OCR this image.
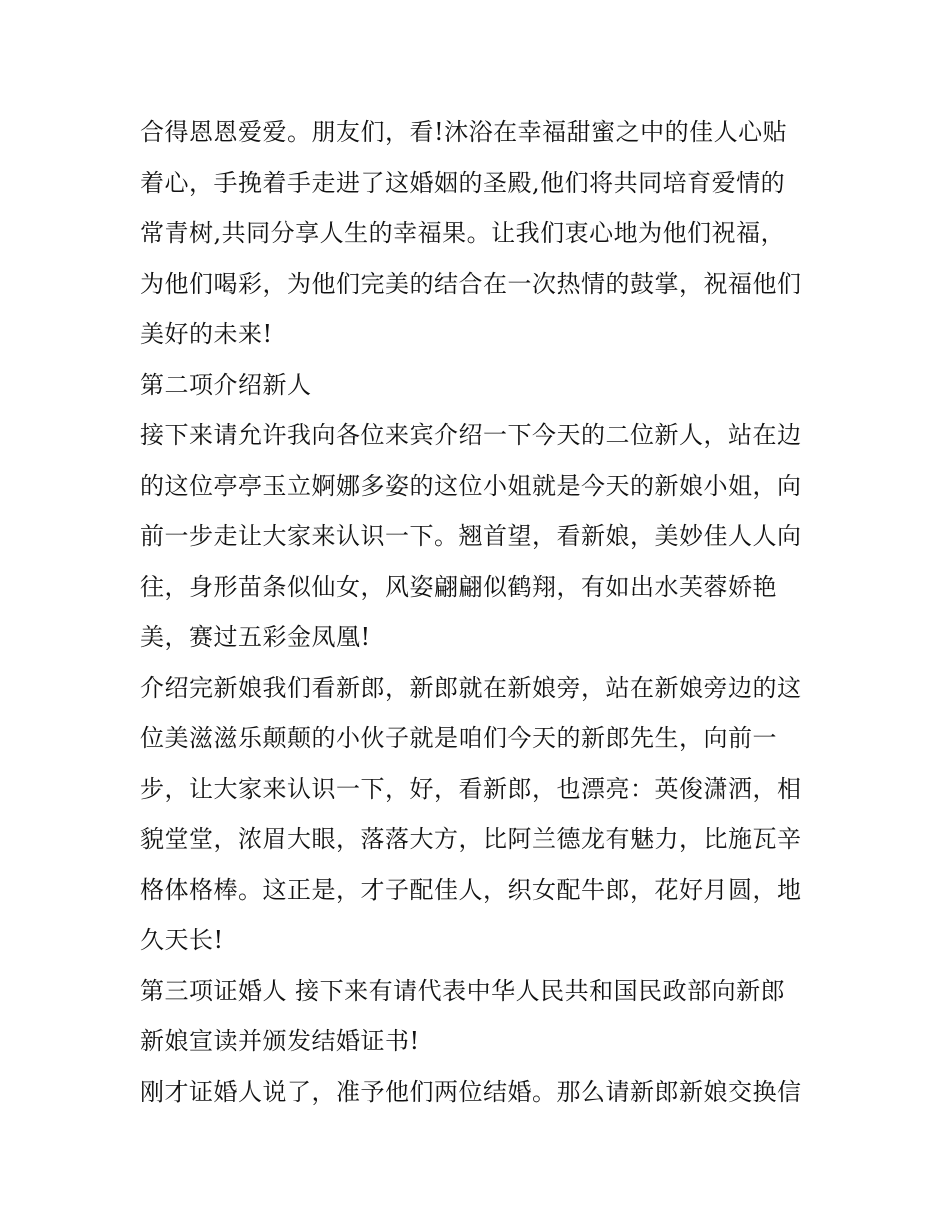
合得恩恩爱爱。朋友们，看!沐浴在幸福甜蜜之中的佳人心贴

着心，手挽着手走进了这婚姻的圣殿,他们将共同培育爱情的

常青树,共同分享人生的幸福果。让我们衷心地为他们祝福，

为他们喝彩，为他们完美的结合在一次热情的鼓掌，祝福他们

美好的未来!

第二项介绍新人

接下来请允许我向各位来宾介绍一下今天的二位新人，站在边

的这位亭亭玉立婀娜多姿的这位小姐就是今天的新娘小姐，向

前一步走让大家来认识一下。翘首望，看新娘，美妙佳人人向

往，身形苗条似仙女，风姿翩翩似鹤翔，有如出水芙蓉娇艳

美，赛过五彩金凤凰!

介绍完新娘我们看新郎，新郎就在新娘旁，站在新娘旁边的这

位美滋滋乐颠颠的小伙子就是咱们今天的新郎先生，向前一

步，让大家来认识一下，好，看新郎，也漂亮：英俊潇洒，相

貌堂堂，浓眉大眼，落落大方，比阿兰德龙有魅力，比施瓦辛

格体格棒。这正是，才子配佳人，织女配牛郎，花好月圆，地

久天长!

第三项证婚人 接下来有请代表中华人民共和国民政部向新郎

新娘宣读并颁发结婚证书!

刚才证婚人说了，准予他们两位结婚。那么请新郎新娘交换信
